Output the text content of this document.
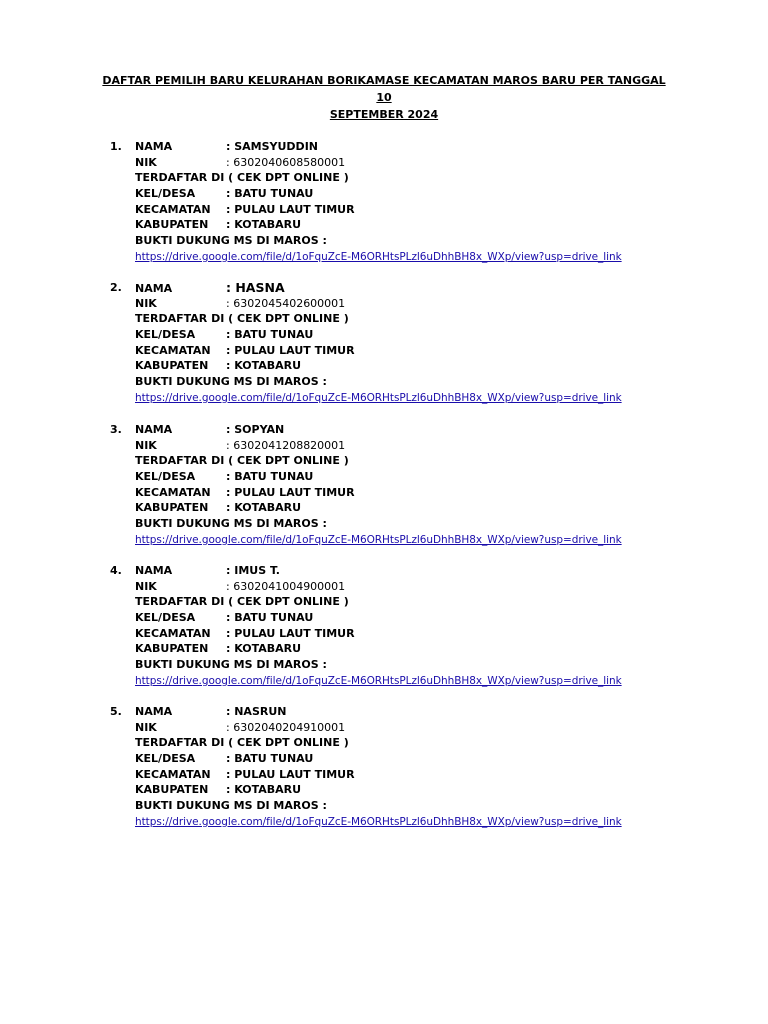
DAFTAR PEMILIH BARU KELURAHAN BORIKAMASE KECAMATAN MAROS BARU PER TANGGAL 10
SEPTEMBER 2024
1.	NAMA	: SAMSYUDDIN
NIK	: 6302040608580001
TERDAFTAR DI ( CEK DPT ONLINE )
KEL/DESA	: BATU TUNAU
KECAMATAN : PULAU LAUT TIMUR
KABUPATEN : KOTABARU
BUKTI DUKUNG MS DI MAROS :
https://drive.google.com/file/d/1oFquZcE-M6ORHtsPLzl6uDhhBH8x_WXp/view?usp=drive_link
2.	NAMA	: HASNA
NIK	: 6302045402600001
TERDAFTAR DI ( CEK DPT ONLINE )
KEL/DESA	: BATU TUNAU
KECAMATAN : PULAU LAUT TIMUR
KABUPATEN : KOTABARU
BUKTI DUKUNG MS DI MAROS :
https://drive.google.com/file/d/1oFquZcE-M6ORHtsPLzl6uDhhBH8x_WXp/view?usp=drive_link
3.	NAMA	: SOPYAN
NIK	: 6302041208820001
TERDAFTAR DI ( CEK DPT ONLINE )
KEL/DESA	: BATU TUNAU
KECAMATAN : PULAU LAUT TIMUR
KABUPATEN : KOTABARU
BUKTI DUKUNG MS DI MAROS :
https://drive.google.com/file/d/1oFquZcE-M6ORHtsPLzl6uDhhBH8x_WXp/view?usp=drive_link
4.	NAMA	: IMUS T.
NIK	: 6302041004900001
TERDAFTAR DI ( CEK DPT ONLINE )
KEL/DESA	: BATU TUNAU
KECAMATAN : PULAU LAUT TIMUR
KABUPATEN : KOTABARU
BUKTI DUKUNG MS DI MAROS :
https://drive.google.com/file/d/1oFquZcE-M6ORHtsPLzl6uDhhBH8x_WXp/view?usp=drive_link
5.	NAMA	: NASRUN
NIK	: 6302040204910001
TERDAFTAR DI ( CEK DPT ONLINE )
KEL/DESA	: BATU TUNAU
KECAMATAN : PULAU LAUT TIMUR
KABUPATEN : KOTABARU
BUKTI DUKUNG MS DI MAROS :
https://drive.google.com/file/d/1oFquZcE-M6ORHtsPLzl6uDhhBH8x_WXp/view?usp=drive_link
